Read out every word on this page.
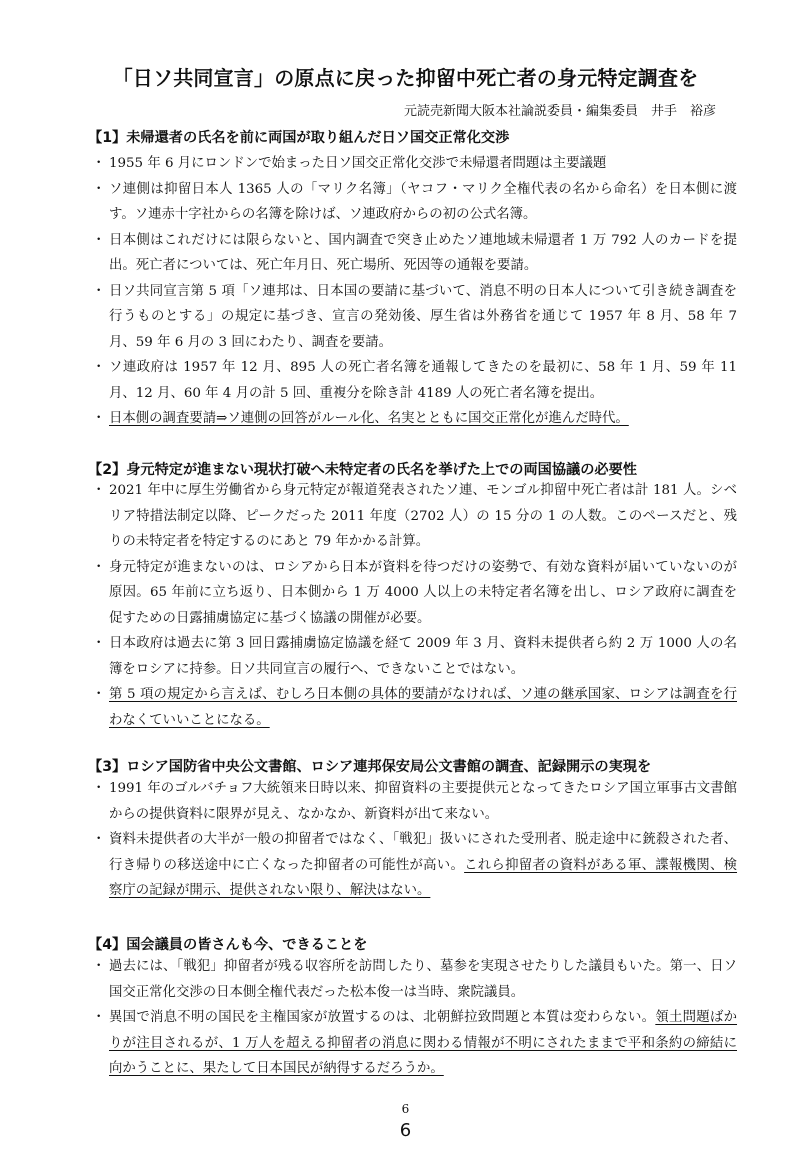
「日ソ共同宣言」の原点に戻った抑留中死亡者の身元特定調査を
元読売新聞大阪本社論説委員・編集委員　井手　裕彦
【1】未帰還者の氏名を前に両国が取り組んだ日ソ国交正常化交渉
・ 1955 年 6 月にロンドンで始まった日ソ国交正常化交渉で未帰還者問題は主要議題
・ ソ連側は抑留日本人 1365 人の「マリク名簿」（ヤコフ・マリク全権代表の名から命名）を日本側に渡す。ソ連赤十字社からの名簿を除けば、ソ連政府からの初の公式名簿。
・ 日本側はこれだけには限らないと、国内調査で突き止めたソ連地域未帰還者 1 万 792 人のカードを提出。死亡者については、死亡年月日、死亡場所、死因等の通報を要請。
・ 日ソ共同宣言第 5 項「ソ連邦は、日本国の要請に基づいて、消息不明の日本人について引き続き調査を行うものとする」の規定に基づき、宣言の発効後、厚生省は外務省を通じて 1957 年 8 月、58 年 7 月、59 年 6 月の 3 回にわたり、調査を要請。
・ ソ連政府は 1957 年 12 月、895 人の死亡者名簿を通報してきたのを最初に、58 年 1 月、59 年 11 月、12 月、60 年 4 月の計 5 回、重複分を除き計 4189 人の死亡者名簿を提出。
・ 日本側の調査要請⇒ソ連側の回答がルール化、名実とともに国交正常化が進んだ時代。
【2】身元特定が進まない現状打破へ未特定者の氏名を挙げた上での両国協議の必要性
・ 2021 年中に厚生労働省から身元特定が報道発表されたソ連、モンゴル抑留中死亡者は計 181 人。シベリア特措法制定以降、ピークだった 2011 年度（2702 人）の 15 分の 1 の人数。このペースだと、残りの未特定者を特定するのにあと 79 年かかる計算。
・ 身元特定が進まないのは、ロシアから日本が資料を待つだけの姿勢で、有効な資料が届いていないのが原因。65 年前に立ち返り、日本側から 1 万 4000 人以上の未特定者名簿を出し、ロシア政府に調査を促すための日露捕虜協定に基づく協議の開催が必要。
・ 日本政府は過去に第 3 回日露捕虜協定協議を経て 2009 年 3 月、資料未提供者ら約 2 万 1000 人の名簿をロシアに持参。日ソ共同宣言の履行へ、できないことではない。
・ 第 5 項の規定から言えば、むしろ日本側の具体的要請がなければ、ソ連の継承国家、ロシアは調査を行わなくていいことになる。
【3】ロシア国防省中央公文書館、ロシア連邦保安局公文書館の調査、記録開示の実現を
・ 1991 年のゴルバチョフ大統領来日時以来、抑留資料の主要提供元となってきたロシア国立軍事古文書館からの提供資料に限界が見え、なかなか、新資料が出て来ない。
・ 資料未提供者の大半が一般の抑留者ではなく、「戦犯」扱いにされた受刑者、脱走途中に銃殺された者、行き帰りの移送途中に亡くなった抑留者の可能性が高い。これら抑留者の資料がある軍、諜報機関、検察庁の記録が開示、提供されない限り、解決はない。
【4】国会議員の皆さんも今、できることを
・ 過去には、「戦犯」抑留者が残る収容所を訪問したり、墓参を実現させたりした議員もいた。第一、日ソ国交正常化交渉の日本側全権代表だった松本俊一は当時、衆院議員。
・ 異国で消息不明の国民を主権国家が放置するのは、北朝鮮拉致問題と本質は変わらない。領土問題ばかりが注目されるが、1 万人を超える抑留者の消息に関わる情報が不明にされたままで平和条約の締結に向かうことに、果たして日本国民が納得するだろうか。
6
6
